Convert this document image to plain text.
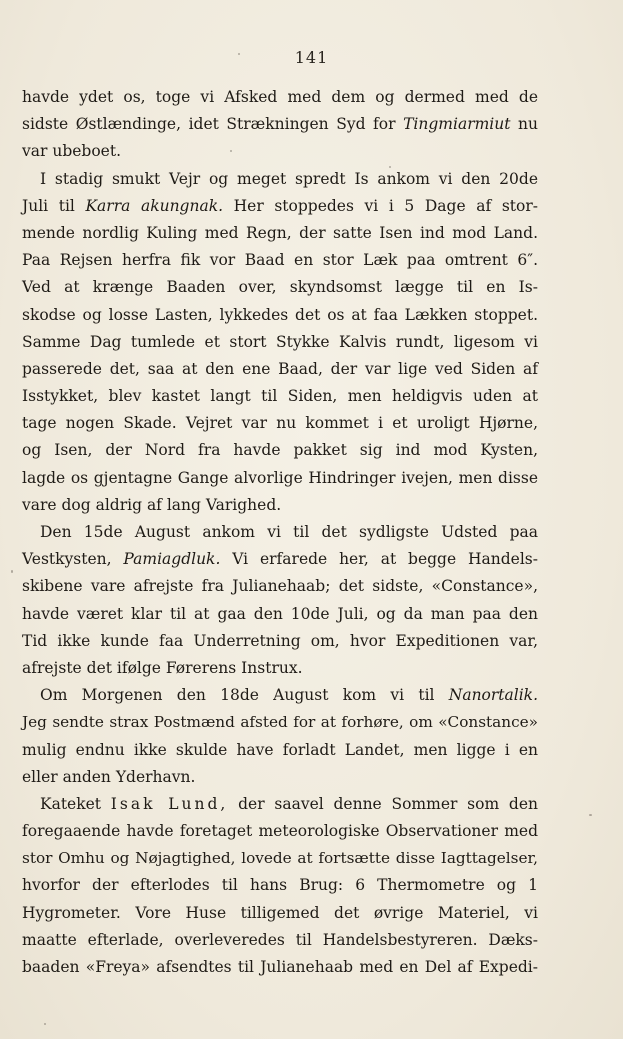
141
havde ydet os, toge vi Afsked med dem og dermed med de
sidste Østlændinge, idet Strækningen Syd for Tingmiarmiut nu
var ubeboet.
I stadig smukt Vejr og meget spredt Is ankom vi den 20de
Juli til Karra akungnak. Her stoppedes vi i 5 Dage af stor-
mende nordlig Kuling med Regn, der satte Isen ind mod Land.
Paa Rejsen herfra fik vor Baad en stor Læk paa omtrent 6″.
Ved at krænge Baaden over, skyndsomst lægge til en Is-
skodse og losse Lasten, lykkedes det os at faa Lækken stoppet.
Samme Dag tumlede et stort Stykke Kalvis rundt, ligesom vi
passerede det, saa at den ene Baad, der var lige ved Siden af
Isstykket, blev kastet langt til Siden, men heldigvis uden at
tage nogen Skade. Vejret var nu kommet i et uroligt Hjørne,
og Isen, der Nord fra havde pakket sig ind mod Kysten,
lagde os gjentagne Gange alvorlige Hindringer ivejen, men disse
vare dog aldrig af lang Varighed.
Den 15de August ankom vi til det sydligste Udsted paa
Vestkysten, Pamiagdluk. Vi erfarede her, at begge Handels-
skibene vare afrejste fra Julianehaab; det sidste, «Constance»,
havde været klar til at gaa den 10de Juli, og da man paa den
Tid ikke kunde faa Underretning om, hvor Expeditionen var,
afrejste det ifølge Førerens Instrux.
Om Morgenen den 18de August kom vi til Nanortalik.
Jeg sendte strax Postmænd afsted for at forhøre, om «Constance»
mulig endnu ikke skulde have forladt Landet, men ligge i en
eller anden Yderhavn.
Kateket Isak Lund, der saavel denne Sommer som den
foregaaende havde foretaget meteorologiske Observationer med
stor Omhu og Nøjagtighed, lovede at fortsætte disse Iagttagelser,
hvorfor der efterlodes til hans Brug: 6 Thermometre og 1
Hygrometer. Vore Huse tilligemed det øvrige Materiel, vi
maatte efterlade, overleveredes til Handelsbestyreren. Dæks-
baaden «Freya» afsendtes til Julianehaab med en Del af Expedi-
